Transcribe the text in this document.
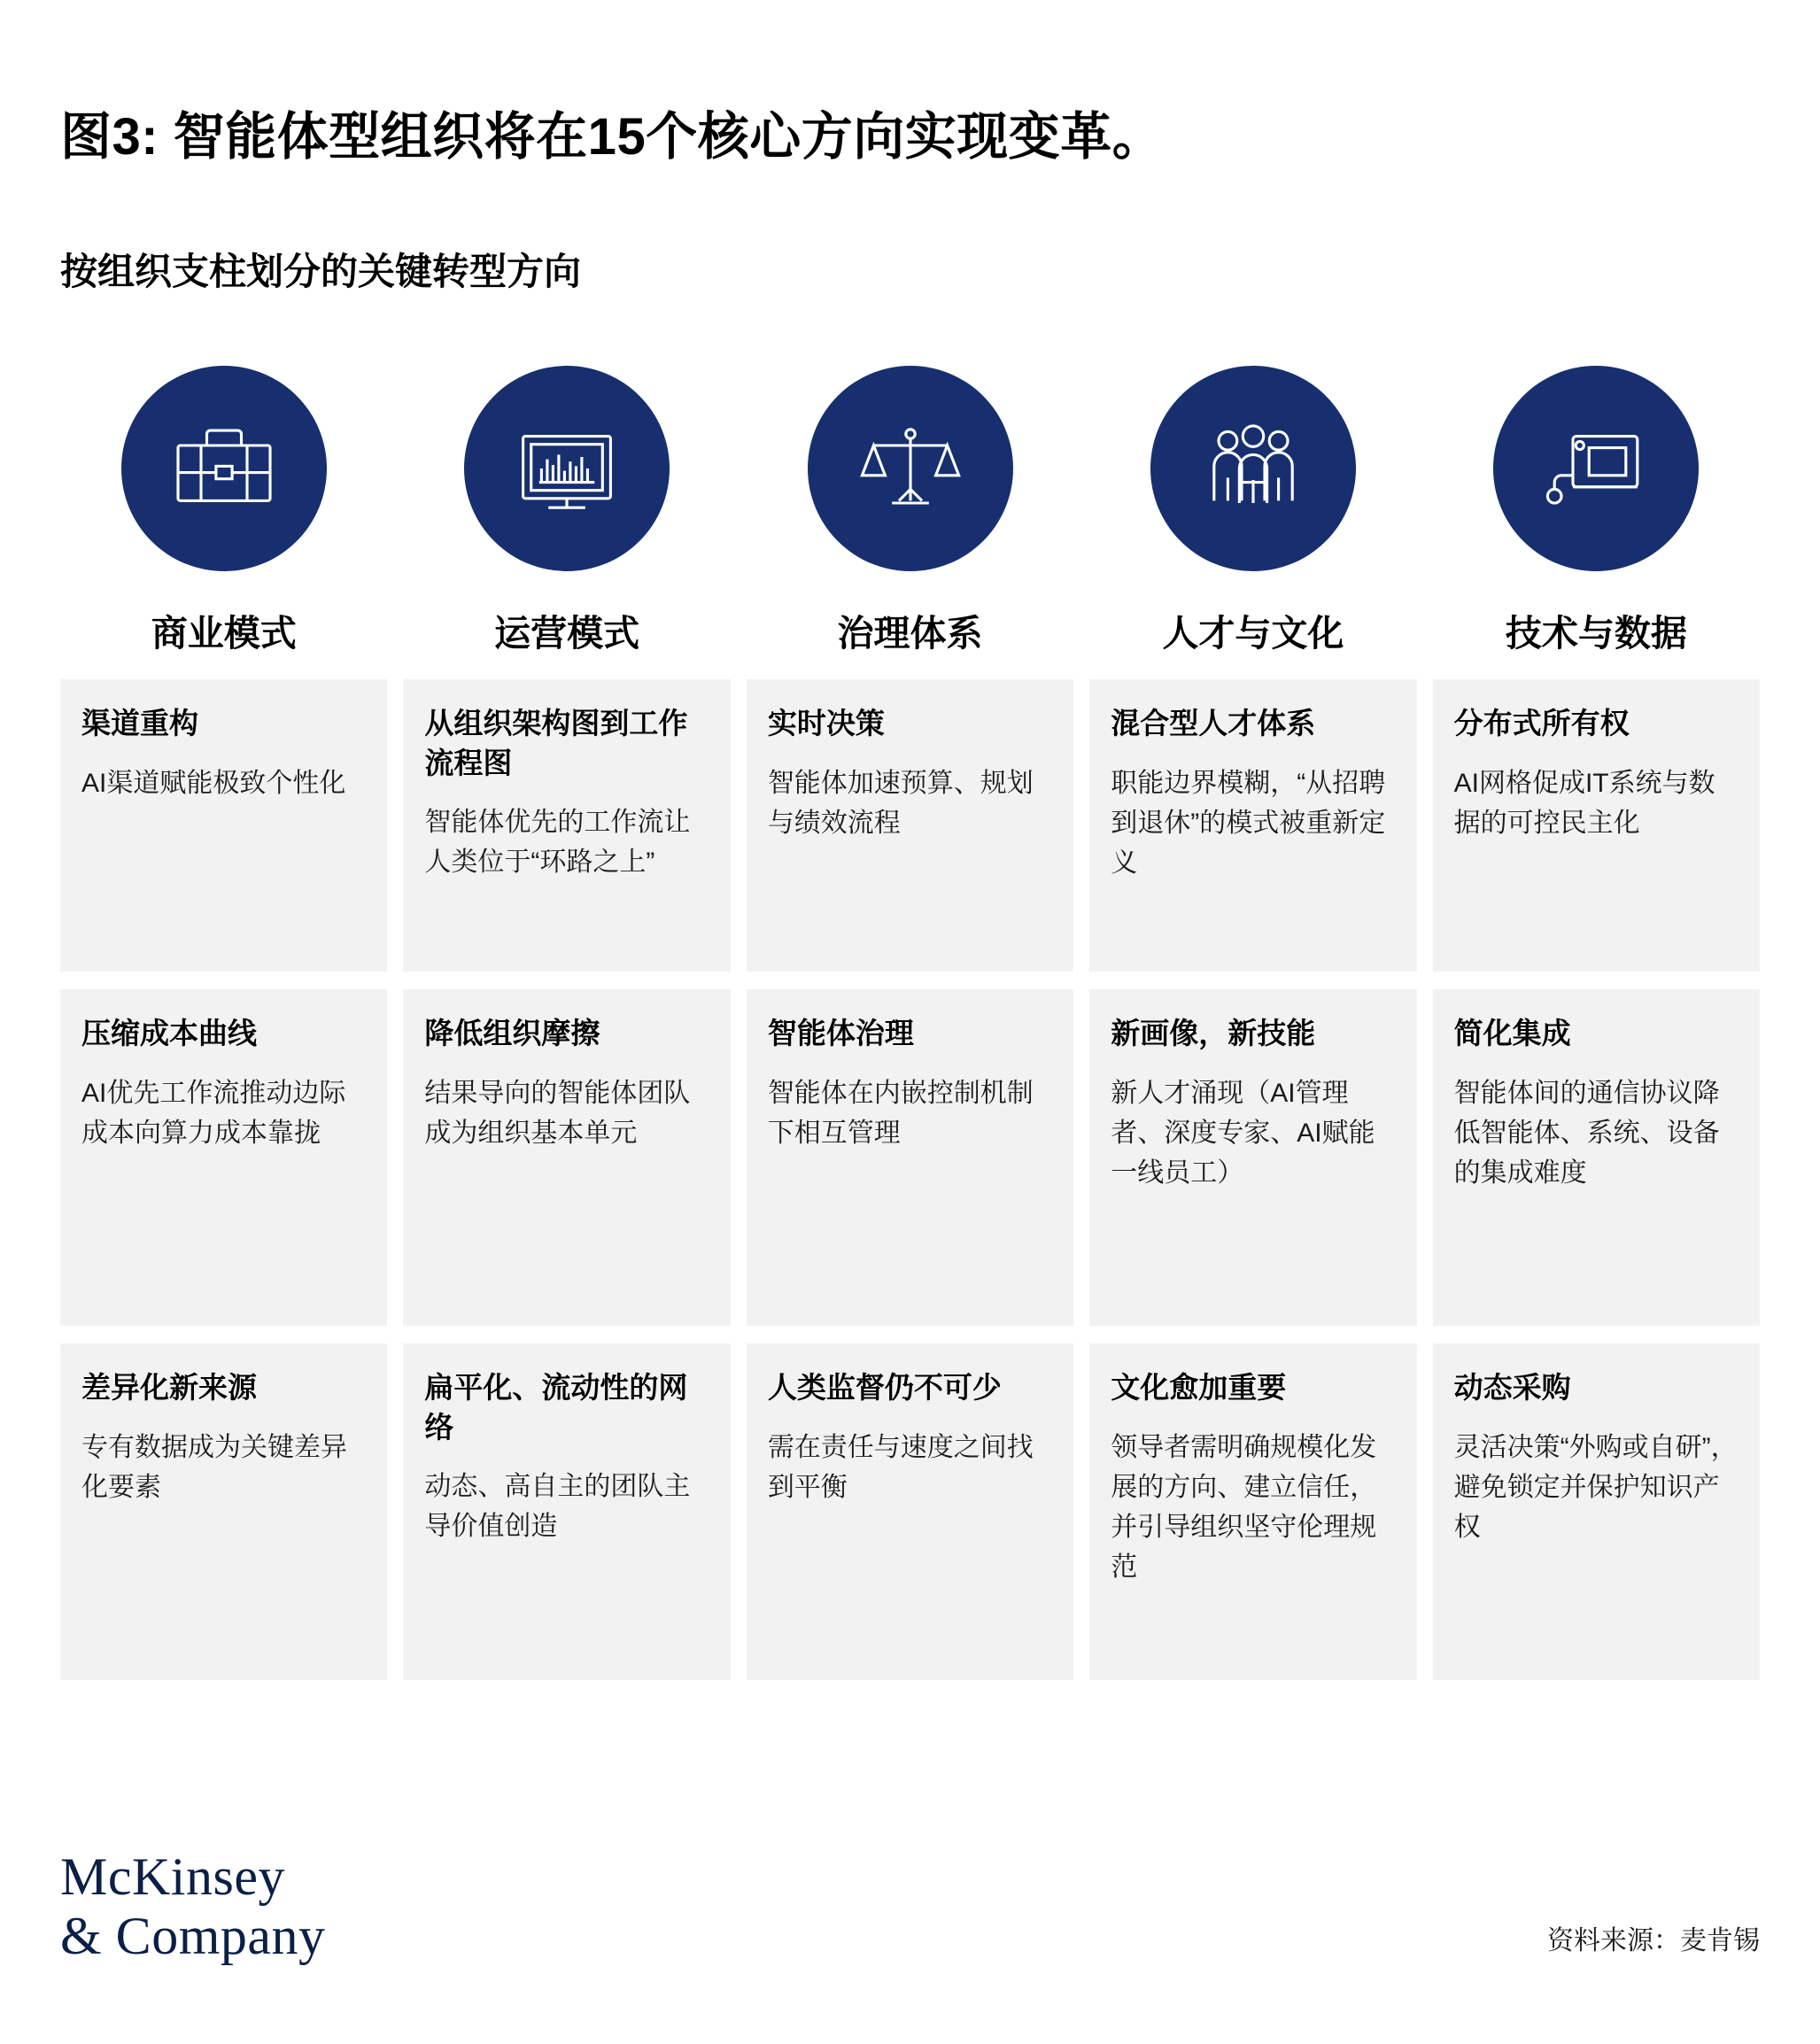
图3: 智能体型组织将在15个核心方向实现变革。
按组织支柱划分的关键转型方向
商业模式
渠道重构
AI渠道赋能极致个性化
压缩成本曲线
AI优先工作流推动边际成本向算力成本靠拢
差异化新来源
专有数据成为关键差异化要素
运营模式
从组织架构图到工作流程图
智能体优先的工作流让人类位于“环路之上”
降低组织摩擦
结果导向的智能体团队成为组织基本单元
扁平化、流动性的网络
动态、高自主的团队主导价值创造
治理体系
实时决策
智能体加速预算、规划与绩效流程
智能体治理
智能体在内嵌控制机制下相互管理
人类监督仍不可少
需在责任与速度之间找到平衡
人才与文化
混合型人才体系
职能边界模糊，“从招聘到退休”的模式被重新定义
新画像，新技能
新人才涌现（AI管理者、深度专家、AI赋能一线员工）
文化愈加重要
领导者需明确规模化发展的方向、建立信任，并引导组织坚守伦理规范
技术与数据
分布式所有权
AI网格促成IT系统与数据的可控民主化
简化集成
智能体间的通信协议降低智能体、系统、设备的集成难度
动态采购
灵活决策“外购或自研”，避免锁定并保护知识产权
McKinsey
& Company	资料来源：麦肯锡
